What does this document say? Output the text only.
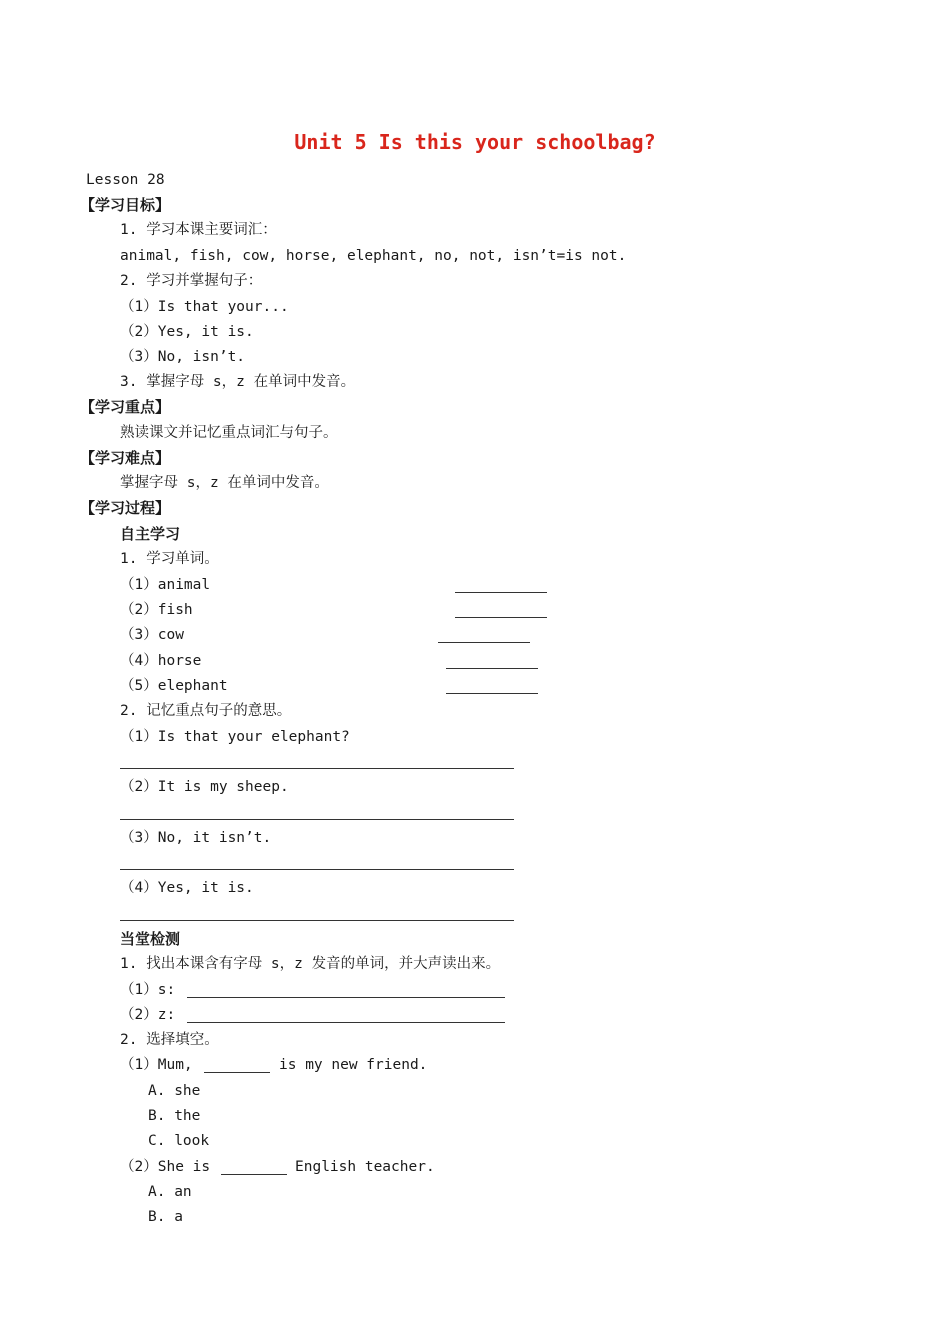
Unit 5 Is this your schoolbag?
Lesson 28
【学习目标】
1. 学习本课主要词汇：
animal, fish, cow, horse, elephant, no, not, isn’t=is not.
2. 学习并掌握句子：
（1）Is that your...
（2）Yes, it is.
（3）No, isn’t.
3. 掌握字母 s，z 在单词中发音。
【学习重点】
熟读课文并记忆重点词汇与句子。
【学习难点】
掌握字母 s，z 在单词中发音。
【学习过程】
自主学习
1. 学习单词。
（1）animal
（2）fish
（3）cow
（4）horse
（5）elephant
2. 记忆重点句子的意思。
（1）Is that your elephant?
（2）It is my sheep.
（3）No, it isn’t.
（4）Yes, it is.
当堂检测
1. 找出本课含有字母 s，z 发音的单词，并大声读出来。
（1）s:
（2）z:
2. 选择填空。
（1）Mum,	is my new friend.
A. she
B. the
C. look
（2）She is	English teacher.
A. an
B. a
